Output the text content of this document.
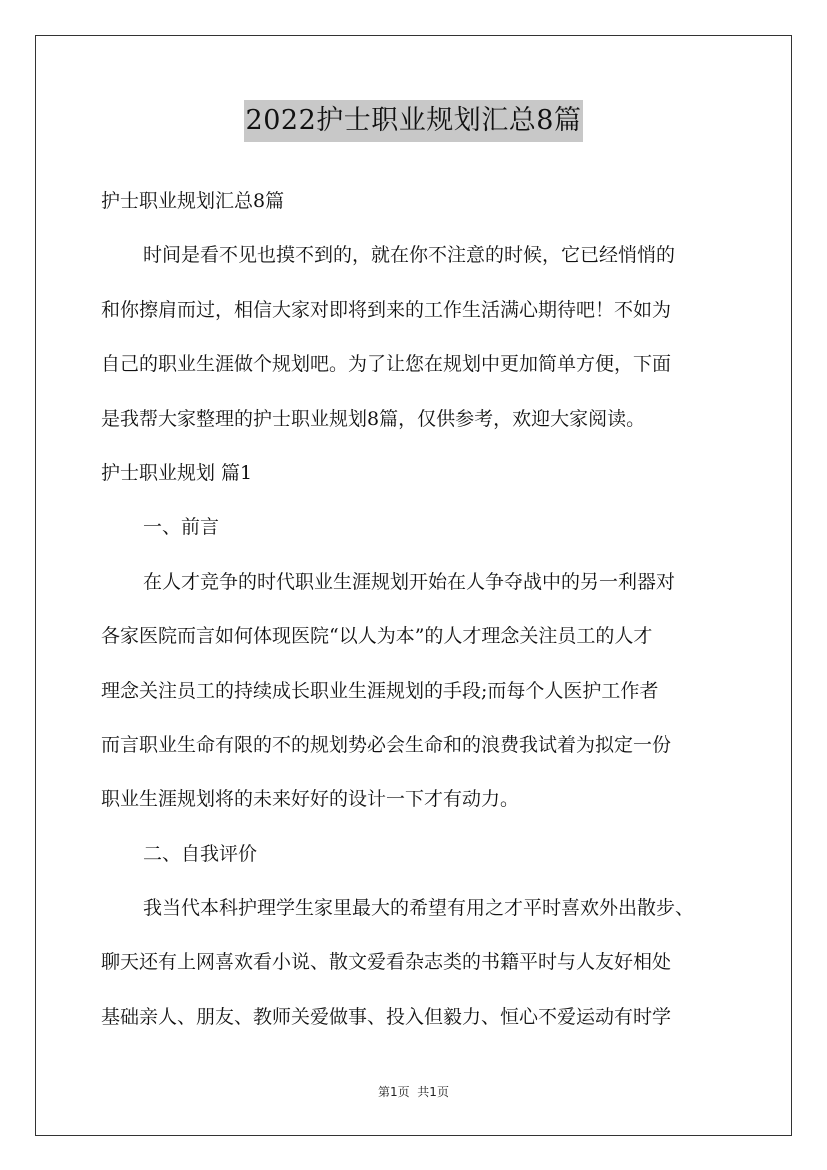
2022护士职业规划汇总8篇
护士职业规划汇总8篇
时间是看不见也摸不到的，就在你不注意的时候，它已经悄悄的
和你擦肩而过，相信大家对即将到来的工作生活满心期待吧！不如为
自己的职业生涯做个规划吧。为了让您在规划中更加简单方便，下面
是我帮大家整理的护士职业规划8篇，仅供参考，欢迎大家阅读。
护士职业规划 篇1
一、前言
在人才竞争的时代职业生涯规划开始在人争夺战中的另一利器对
各家医院而言如何体现医院“以人为本”的人才理念关注员工的人才
理念关注员工的持续成长职业生涯规划的手段;而每个人医护工作者
而言职业生命有限的不的规划势必会生命和的浪费我试着为拟定一份
职业生涯规划将的未来好好的设计一下才有动力。
二、自我评价
我当代本科护理学生家里最大的希望有用之才平时喜欢外出散步、
聊天还有上网喜欢看小说、散文爱看杂志类的书籍平时与人友好相处
基础亲人、朋友、教师关爱做事、投入但毅力、恒心不爱运动有时学
第1页  共1页
